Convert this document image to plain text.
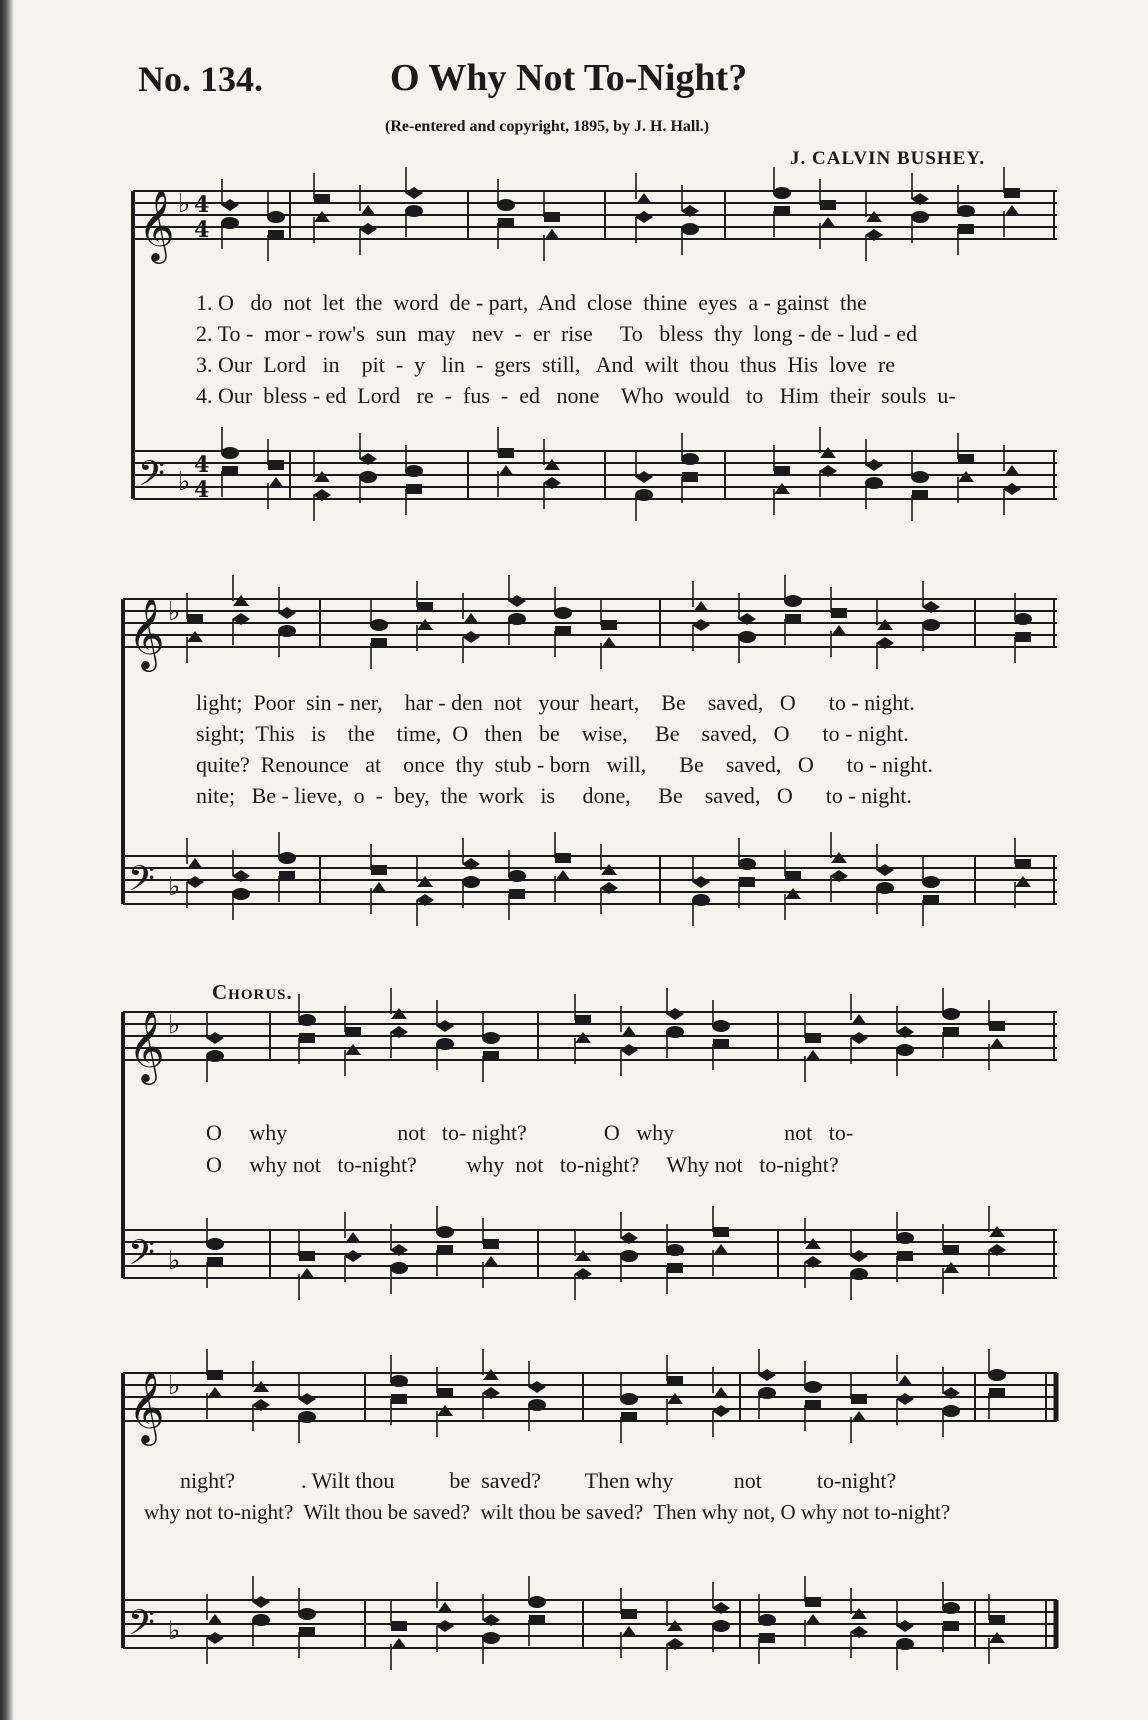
No. 134.	O Why Not To-Night?
(Re-entered and copyright, 1895, by J. H. Hall.)
J. CALVIN BUSHEY.
𝄞
𝄢
𝄞
𝄢
𝄞
𝄢
𝄞
𝄢
♭
♭
♭
♭
♭
♭
♭
♭
4
4
4
4
1. O   do  not  let  the  word  de - part,  And  close  thine  eyes  a - gainst  the
2. To -  mor - row's  sun  may   nev  -  er  rise     To   bless  thy  long - de - lud - ed
3. Our  Lord   in    pit  -  y   lin  -  gers  still,   And  wilt  thou  thus  His  love  re
4. Our  bless - ed  Lord   re  -  fus  -  ed   none    Who  would   to   Him  their  souls  u-
light;  Poor  sin - ner,    har - den  not   your  heart,    Be    saved,   O      to - night.
sight;  This   is    the    time,  O   then   be    wise,     Be    saved,   O      to - night.
quite?  Renounce   at    once  thy  stub - born   will,      Be    saved,   O      to - night.
nite;   Be - lieve,  o  -  bey,  the  work   is     done,     Be    saved,   O      to - night.
Chorus.
O     why                    not   to- night?              O   why                    not   to-
O     why not   to-night?         why  not   to-night?     Why not   to-night?
night?            . Wilt thou          be  saved?        Then why           not          to-night?
why not to-night?  Wilt thou be saved?  wilt thou be saved?  Then why not, O why not to-night?
